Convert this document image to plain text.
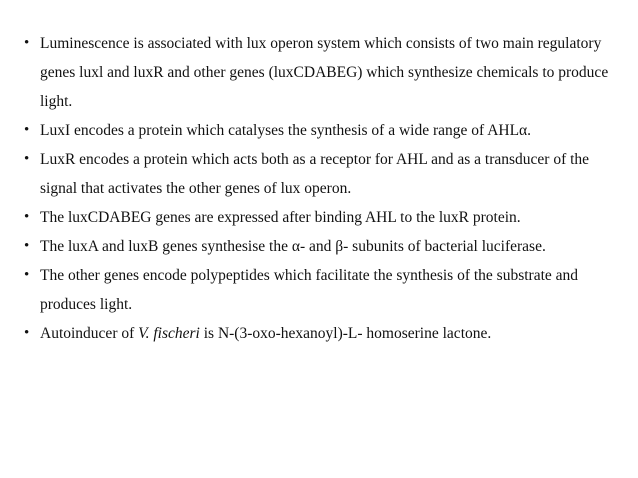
• Luminescence is associated with lux operon system which consists of two main regulatory genes luxl and luxR and other genes (luxCDABEG) which synthesize chemicals to produce light.
• LuxI encodes a protein which catalyses the synthesis of a wide range of AHLα.
• LuxR encodes a protein which acts both as a receptor for AHL and as a transducer of the signal that activates the other genes of lux operon.
• The luxCDABEG genes are expressed after binding AHL to the luxR protein.
• The luxA and luxB genes synthesise the α- and β- subunits of bacterial luciferase.
• The other genes encode polypeptides which facilitate the synthesis of the substrate and produces light.
• Autoinducer of V. fischeri is N-(3-oxo-hexanoyl)-L- homoserine lactone.
